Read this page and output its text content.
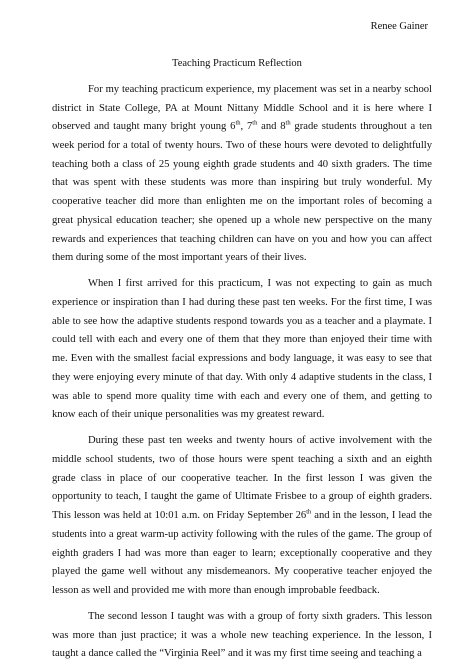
Renee Gainer
Teaching Practicum Reflection
For my teaching practicum experience, my placement was set in a nearby school
district in State College, PA at Mount Nittany Middle School and it is here where I
observed and taught many bright young 6th, 7th and 8th grade students throughout a ten
week period for a total of twenty hours. Two of these hours were devoted to delightfully
teaching both a class of 25 young eighth grade students and 40 sixth graders. The time
that was spent with these students was more than inspiring but truly wonderful. My
cooperative teacher did more than enlighten me on the important roles of becoming a
great physical education teacher; she opened up a whole new perspective on the many
rewards and experiences that teaching children can have on you and how you can affect
them during some of the most important years of their lives.
When I first arrived for this practicum, I was not expecting to gain as much
experience or inspiration than I had during these past ten weeks. For the first time, I was
able to see how the adaptive students respond towards you as a teacher and a playmate. I
could tell with each and every one of them that they more than enjoyed their time with
me. Even with the smallest facial expressions and body language, it was easy to see that
they were enjoying every minute of that day. With only 4 adaptive students in the class, I
was able to spend more quality time with each and every one of them, and getting to
know each of their unique personalities was my greatest reward.
During these past ten weeks and twenty hours of active involvement with the
middle school students, two of those hours were spent teaching a sixth and an eighth
grade class in place of our cooperative teacher. In the first lesson I was given the
opportunity to teach, I taught the game of Ultimate Frisbee to a group of eighth graders.
This lesson was held at 10:01 a.m. on Friday September 26th and in the lesson, I lead the
students into a great warm-up activity following with the rules of the game. The group of
eighth graders I had was more than eager to learn; exceptionally cooperative and they
played the game well without any misdemeanors. My cooperative teacher enjoyed the
lesson as well and provided me with more than enough improbable feedback.
The second lesson I taught was with a group of forty sixth graders. This lesson
was more than just practice; it was a whole new teaching experience. In the lesson, I
taught a dance called the “Virginia Reel” and it was my first time seeing and teaching a
